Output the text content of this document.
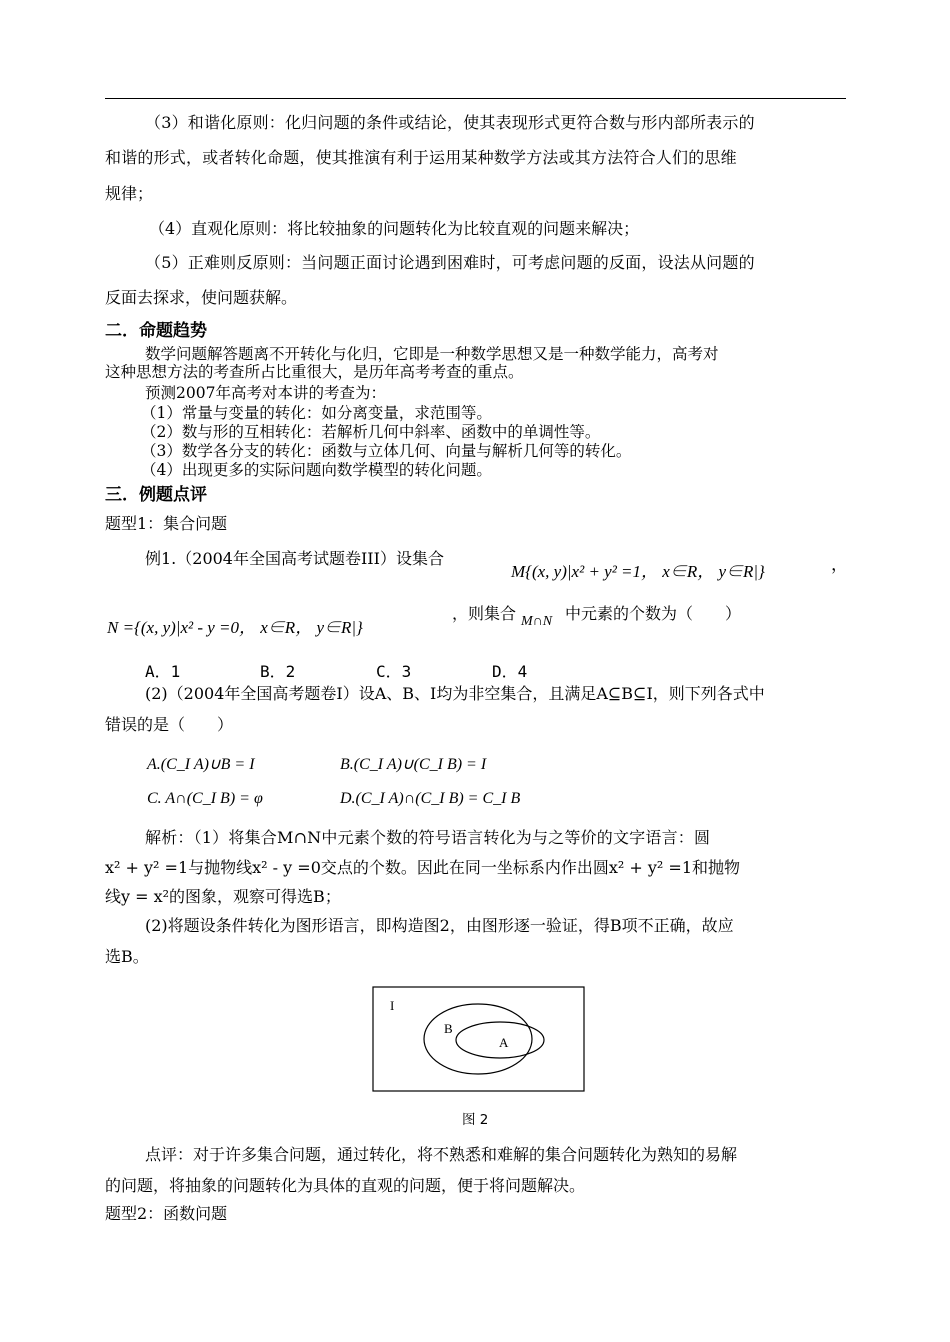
（3）和谐化原则：化归问题的条件或结论，使其表现形式更符合数与形内部所表示的
和谐的形式，或者转化命题，使其推演有利于运用某种数学方法或其方法符合人们的思维
规律；
（4）直观化原则：将比较抽象的问题转化为比较直观的问题来解决；
（5）正难则反原则：当问题正面讨论遇到困难时，可考虑问题的反面，设法从问题的
反面去探求，使问题获解。
二．命题趋势
数学问题解答题离不开转化与化归，它即是一种数学思想又是一种数学能力，高考对
这种思想方法的考查所占比重很大，是历年高考考查的重点。
预测2007年高考对本讲的考查为：
（1）常量与变量的转化：如分离变量，求范围等。
（2）数与形的互相转化：若解析几何中斜率、函数中的单调性等。
（3）数学各分支的转化：函数与立体几何、向量与解析几何等的转化。
（4）出现更多的实际问题向数学模型的转化问题。
三．例题点评
题型1：集合问题
例1.（2004年全国高考试题卷III）设集合
M{(x, y)|x² + y² =1， x∈R， y∈R|}	，
N ={(x, y)|x² - y =0， x∈R， y∈R|}
，则集合 M∩N 中元素的个数为（　　）
A．1	B．2	C．3	D．4
(2)（2004年全国高考题卷Ⅰ）设A、B、I均为非空集合，且满足A⊆B⊆I，则下列各式中
错误的是（　　）
A.(C_I A)∪B = I	B.(C_I A)∪(C_I B) = I
C. A∩(C_I B) = φ	D.(C_I A)∩(C_I B) = C_I B
解析：（1）将集合M∩N中元素个数的符号语言转化为与之等价的文字语言：圆
x² + y² =1与抛物线x² - y =0交点的个数。因此在同一坐标系内作出圆x² + y² =1和抛物
线y = x²的图象，观察可得选B；
(2)将题设条件转化为图形语言，即构造图2，由图形逐一验证，得B项不正确，故应
选B。
I
B
A
图 2
点评：对于许多集合问题，通过转化，将不熟悉和难解的集合问题转化为熟知的易解
的问题，将抽象的问题转化为具体的直观的问题，便于将问题解决。
题型2：函数问题
